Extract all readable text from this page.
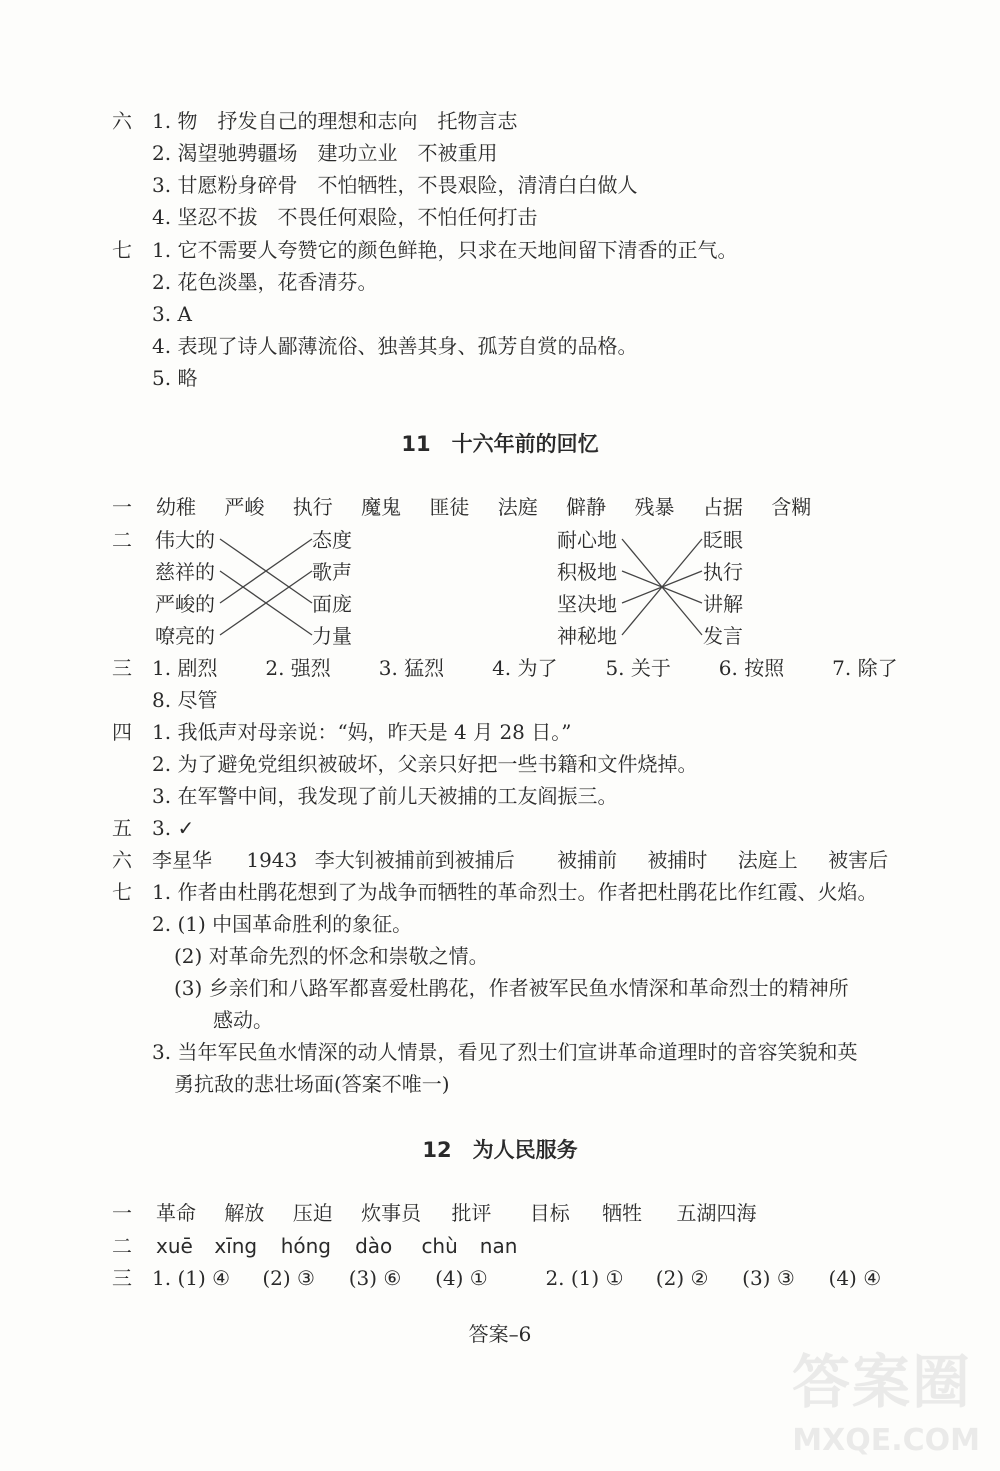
六 1. 物　抒发自己的理想和志向　托物言志
2. 渴望驰骋疆场　建功立业　不被重用
3. 甘愿粉身碎骨　不怕牺牲，不畏艰险，清清白白做人
4. 坚忍不拔　不畏任何艰险，不怕任何打击
七 1. 它不需要人夸赞它的颜色鲜艳，只求在天地间留下清香的正气。
2. 花色淡墨，花香清芬。
3. A
4. 表现了诗人鄙薄流俗、独善其身、孤芳自赏的品格。
5. 略
11　十六年前的回忆
一 幼稚 严峻 执行 魔鬼 匪徒 法庭 僻静 残暴 占据 含糊
二 伟大的
慈祥的
严峻的
嘹亮的
态度
歌声
面庞
力量
耐心地
积极地
坚决地
神秘地
眨眼
执行
讲解
发言
三 1. 剧烈 2. 强烈 3. 猛烈 4. 为了 5. 关于 6. 按照 7. 除了
8. 尽管
四 1. 我低声对母亲说：“妈，昨天是 4 月 28 日。”
2. 为了避免党组织被破坏，父亲只好把一些书籍和文件烧掉。
3. 在军警中间，我发现了前儿天被捕的工友阎振三。
五 3. ✓
六 李星华 1943 李大钊被捕前到被捕后 被捕前 被捕时 法庭上 被害后
七 1. 作者由杜鹃花想到了为战争而牺牲的革命烈士。作者把杜鹃花比作红霞、火焰。
2. (1) 中国革命胜利的象征。
(2) 对革命先烈的怀念和崇敬之情。
(3) 乡亲们和八路军都喜爱杜鹃花，作者被军民鱼水情深和革命烈士的精神所
感动。
3. 当年军民鱼水情深的动人情景，看见了烈士们宣讲革命道理时的音容笑貌和英
勇抗敌的悲壮场面(答案不唯一)
12　为人民服务
一 革命 解放 压迫 炊事员 批评 目标 牺牲 五湖四海
二 xuē xīng hóng dào chù nan
三 1. (1) ④ (2) ③ (3) ⑥ (4) ①	2. (1) ① (2) ② (3) ③ (4) ④
答案–6
答案圈
MXQE.COM
